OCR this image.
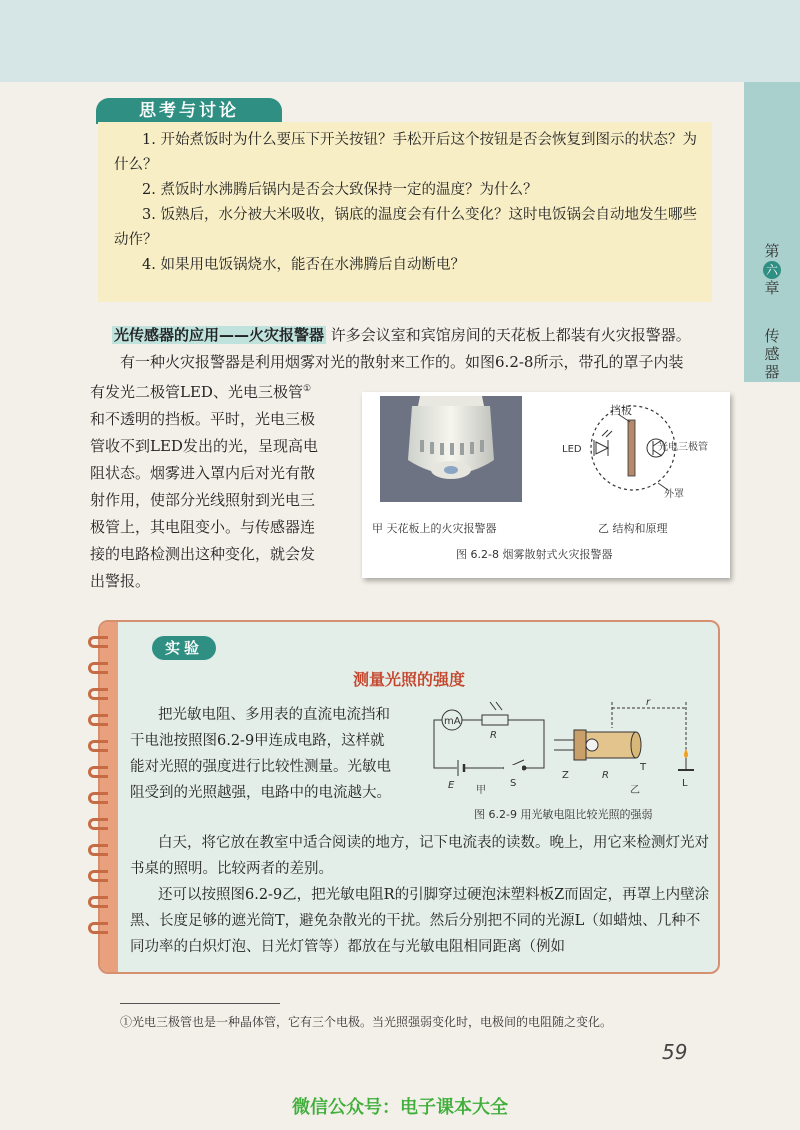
第
六
章
传
感
器
思考与讨论

1. 开始煮饭时为什么要压下开关按钮？手松开后这个按钮是否会恢复到图示的状态？为什么？

2. 煮饭时水沸腾后锅内是否会大致保持一定的温度？为什么？

3. 饭熟后，水分被大米吸收，锅底的温度会有什么变化？这时电饭锅会自动地发生哪些动作？

4. 如果用电饭锅烧水，能否在水沸腾后自动断电？

光传感器的应用——火灾报警器 许多会议室和宾馆房间的天花板上都装有火灾报警器。
有一种火灾报警器是利用烟雾对光的散射来工作的。如图6.2-8所示，带孔的罩子内装
有发光二极管LED、光电三极管①和不透明的挡板。平时，光电三极管收不到LED发出的光，呈现高电阻状态。烟雾进入罩内后对光有散射作用，使部分光线照射到光电三极管上，其电阻变小。与传感器连接的电路检测出这种变化，就会发出警报。
挡板
LED	光电三极管
外罩
甲 天花板上的火灾报警器	乙 结构和原理
图 6.2-8 烟雾散射式火灾报警器
实验
测量光照的强度
把光敏电阻、多用表的直流电流挡和干电池按照图6.2-9甲连成电路，这样就能对光照的强度进行比较性测量。光敏电阻受到的光照越强，电路中的电流越大。
mA
R
E	S
甲
r
Z	R
T
L
乙
图 6.2-9 用光敏电阻比较光照的强弱
白天，将它放在教室中适合阅读的地方，记下电流表的读数。晚上，用它来检测灯光对书桌的照明。比较两者的差别。
还可以按照图6.2-9乙，把光敏电阻R的引脚穿过硬泡沫塑料板Z而固定，再罩上内壁涂黑、长度足够的遮光筒T，避免杂散光的干扰。然后分别把不同的光源L（如蜡烛、几种不同功率的白炽灯泡、日光灯管等）都放在与光敏电阻相同距离（例如
①光电三极管也是一种晶体管，它有三个电极。当光照强弱变化时，电极间的电阻随之变化。
59
微信公众号：电子课本大全
